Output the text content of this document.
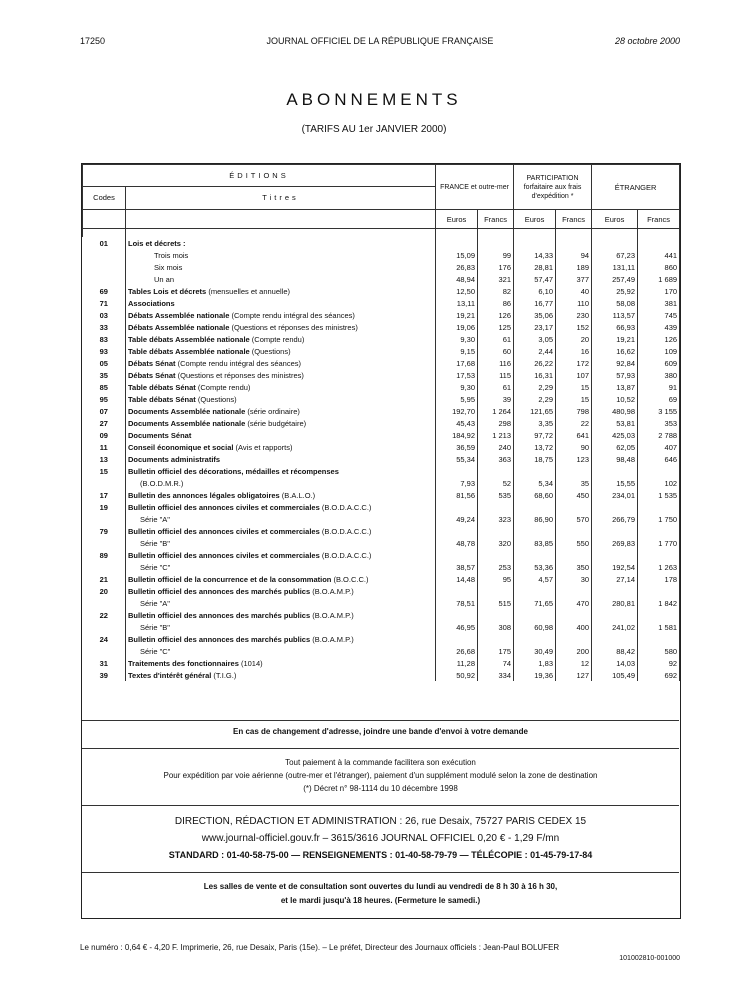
17250	JOURNAL OFFICIEL DE LA RÉPUBLIQUE FRANÇAISE	28 octobre 2000
ABONNEMENTS
(TARIFS AU 1er JANVIER 2000)
ÉDITIONS
Codes Titres		FRANCE et outre-mer		PARTICIPATION forfaitaire aux frais d'expédition *		ÉTRANGER	
		Euros	Francs	Euros	Francs	Euros	Francs

01	Lois et décrets :						
	Trois mois	15,09	99	14,33	94	67,23	441
	Six mois	26,83	176	28,81	189	131,11	860
	Un an	48,94	321	57,47	377	257,49	1 689
69	Tables Lois et décrets (mensuelles et annuelle)	12,50	82	6,10	40	25,92	170
71	Associations	13,11	86	16,77	110	58,08	381
03	Débats Assemblée nationale (Compte rendu intégral des séances)	19,21	126	35,06	230	113,57	745
33	Débats Assemblée nationale (Questions et réponses des ministres)	19,06	125	23,17	152	66,93	439
83	Table débats Assemblée nationale (Compte rendu)	9,30	61	3,05	20	19,21	126
93	Table débats Assemblée nationale (Questions)	9,15	60	2,44	16	16,62	109
05	Débats Sénat (Compte rendu intégral des séances)	17,68	116	26,22	172	92,84	609
35	Débats Sénat (Questions et réponses des ministres)	17,53	115	16,31	107	57,93	380
85	Table débats Sénat (Compte rendu)	9,30	61	2,29	15	13,87	91
95	Table débats Sénat (Questions)	5,95	39	2,29	15	10,52	69
07	Documents Assemblée nationale (série ordinaire)	192,70	1 264	121,65	798	480,98	3 155
27	Documents Assemblée nationale (série budgétaire)	45,43	298	3,35	22	53,81	353
09	Documents Sénat	184,92	1 213	97,72	641	425,03	2 788
11	Conseil économique et social (Avis et rapports)	36,59	240	13,72	90	62,05	407
13	Documents administratifs	55,34	363	18,75	123	98,48	646
15	Bulletin officiel des décorations, médailles et récompenses						
	(B.O.D.M.R.)	7,93	52	5,34	35	15,55	102
17	Bulletin des annonces légales obligatoires (B.A.L.O.)	81,56	535	68,60	450	234,01	1 535
19	Bulletin officiel des annonces civiles et commerciales (B.O.D.A.C.C.)						
	Série "A"	49,24	323	86,90	570	266,79	1 750
79	Bulletin officiel des annonces civiles et commerciales (B.O.D.A.C.C.)						
	Série "B"	48,78	320	83,85	550	269,83	1 770
89	Bulletin officiel des annonces civiles et commerciales (B.O.D.A.C.C.)						
	Série "C"	38,57	253	53,36	350	192,54	1 263
21	Bulletin officiel de la concurrence et de la consommation (B.O.C.C.)	14,48	95	4,57	30	27,14	178
20	Bulletin officiel des annonces des marchés publics (B.O.A.M.P.)						
	Série "A"	78,51	515	71,65	470	280,81	1 842
22	Bulletin officiel des annonces des marchés publics (B.O.A.M.P.)						
	Série "B"	46,95	308	60,98	400	241,02	1 581
24	Bulletin officiel des annonces des marchés publics (B.O.A.M.P.)						
	Série "C"	26,68	175	30,49	200	88,42	580
31	Traitements des fonctionnaires (1014)	11,28	74	1,83	12	14,03	92
39	Textes d'intérêt général (T.I.G.)	50,92	334	19,36	127	105,49	692
En cas de changement d'adresse, joindre une bande d'envoi à votre demande
Tout paiement à la commande facilitera son exécution
Pour expédition par voie aérienne (outre-mer et l'étranger), paiement d'un supplément modulé selon la zone de destination
(*) Décret n° 98-1114 du 10 décembre 1998
DIRECTION, RÉDACTION ET ADMINISTRATION : 26, rue Desaix, 75727 PARIS CEDEX 15
www.journal-officiel.gouv.fr – 3615/3616 JOURNAL OFFICIEL 0,20 € - 1,29 F/mn
STANDARD : 01-40-58-75-00 — RENSEIGNEMENTS : 01-40-58-79-79 — TÉLÉCOPIE : 01-45-79-17-84
Les salles de vente et de consultation sont ouvertes du lundi au vendredi de 8 h 30 à 16 h 30,
et le mardi jusqu'à 18 heures. (Fermeture le samedi.)
Le numéro : 0,64 € - 4,20 F. Imprimerie, 26, rue Desaix, Paris (15e). – Le préfet, Directeur des Journaux officiels : Jean-Paul BOLUFER
101002810-001000
